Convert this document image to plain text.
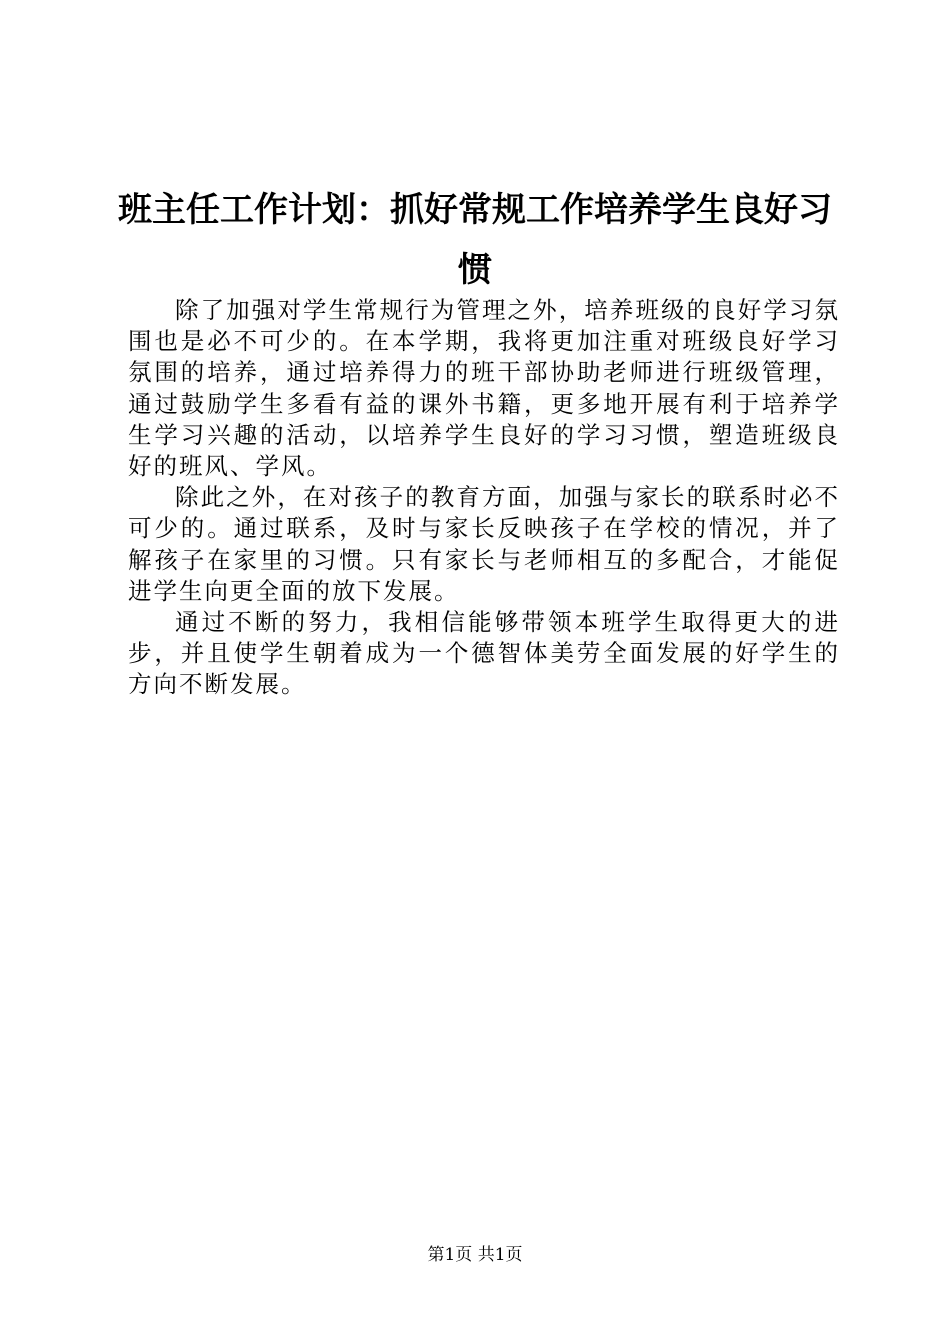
班主任工作计划：抓好常规工作培养学生良好习惯

除了加强对学生常规行为管理之外，培养班级的良好学习氛围也是必不可少的。在本学期，我将更加注重对班级良好学习氛围的培养，通过培养得力的班干部协助老师进行班级管理，通过鼓励学生多看有益的课外书籍，更多地开展有利于培养学生学习兴趣的活动，以培养学生良好的学习习惯，塑造班级良好的班风、学风。

除此之外，在对孩子的教育方面，加强与家长的联系时必不可少的。通过联系，及时与家长反映孩子在学校的情况，并了解孩子在家里的习惯。只有家长与老师相互的多配合，才能促进学生向更全面的放下发展。

通过不断的努力，我相信能够带领本班学生取得更大的进步，并且使学生朝着成为一个德智体美劳全面发展的好学生的方向不断发展。

第1页 共1页
